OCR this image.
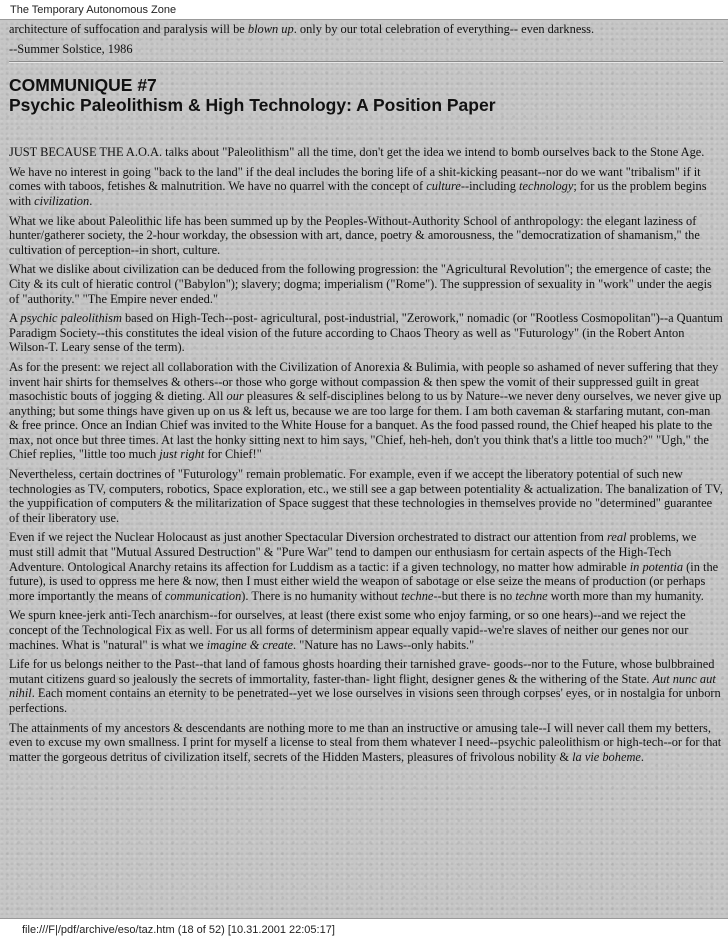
The Temporary Autonomous Zone

architecture of suffocation and paralysis will be blown up. only by our total celebration of everything-- even darkness.

--Summer Solstice, 1986

COMMUNIQUE #7
Psychic Paleolithism & High Technology: A Position Paper

JUST BECAUSE THE A.O.A. talks about "Paleolithism" all the time, don't get the idea we intend to bomb ourselves back to the Stone Age.

We have no interest in going "back to the land" if the deal includes the boring life of a shit-kicking peasant--nor do we want "tribalism" if it comes with taboos, fetishes & malnutrition. We have no quarrel with the concept of culture--including technology; for us the problem begins with civilization.

What we like about Paleolithic life has been summed up by the Peoples-Without-Authority School of anthropology: the elegant laziness of hunter/gatherer society, the 2-hour workday, the obsession with art, dance, poetry & amorousness, the "democratization of shamanism," the cultivation of perception--in short, culture.

What we dislike about civilization can be deduced from the following progression: the "Agricultural Revolution"; the emergence of caste; the City & its cult of hieratic control ("Babylon"); slavery; dogma; imperialism ("Rome"). The suppression of sexuality in "work" under the aegis of "authority." "The Empire never ended."

A psychic paleolithism based on High-Tech--post- agricultural, post-industrial, "Zerowork," nomadic (or "Rootless Cosmopolitan")--a Quantum Paradigm Society--this constitutes the ideal vision of the future according to Chaos Theory as well as "Futurology" (in the Robert Anton Wilson-T. Leary sense of the term).

As for the present: we reject all collaboration with the Civilization of Anorexia & Bulimia, with people so ashamed of never suffering that they invent hair shirts for themselves & others--or those who gorge without compassion & then spew the vomit of their suppressed guilt in great masochistic bouts of jogging & dieting. All our pleasures & self-disciplines belong to us by Nature--we never deny ourselves, we never give up anything; but some things have given up on us & left us, because we are too large for them. I am both caveman & starfaring mutant, con-man & free prince. Once an Indian Chief was invited to the White House for a banquet. As the food passed round, the Chief heaped his plate to the max, not once but three times. At last the honky sitting next to him says, "Chief, heh-heh, don't you think that's a little too much?" "Ugh," the Chief replies, "little too much just right for Chief!"

Nevertheless, certain doctrines of "Futurology" remain problematic. For example, even if we accept the liberatory potential of such new technologies as TV, computers, robotics, Space exploration, etc., we still see a gap between potentiality & actualization. The banalization of TV, the yuppification of computers & the militarization of Space suggest that these technologies in themselves provide no "determined" guarantee of their liberatory use.

Even if we reject the Nuclear Holocaust as just another Spectacular Diversion orchestrated to distract our attention from real problems, we must still admit that "Mutual Assured Destruction" & "Pure War" tend to dampen our enthusiasm for certain aspects of the High-Tech Adventure. Ontological Anarchy retains its affection for Luddism as a tactic: if a given technology, no matter how admirable in potentia (in the future), is used to oppress me here & now, then I must either wield the weapon of sabotage or else seize the means of production (or perhaps more importantly the means of communication). There is no humanity without techne--but there is no techne worth more than my humanity.

We spurn knee-jerk anti-Tech anarchism--for ourselves, at least (there exist some who enjoy farming, or so one hears)--and we reject the concept of the Technological Fix as well. For us all forms of determinism appear equally vapid--we're slaves of neither our genes nor our machines. What is "natural" is what we imagine & create. "Nature has no Laws--only habits."

Life for us belongs neither to the Past--that land of famous ghosts hoarding their tarnished grave- goods--nor to the Future, whose bulbbrained mutant citizens guard so jealously the secrets of immortality, faster-than- light flight, designer genes & the withering of the State. Aut nunc aut nihil. Each moment contains an eternity to be penetrated--yet we lose ourselves in visions seen through corpses' eyes, or in nostalgia for unborn perfections.

The attainments of my ancestors & descendants are nothing more to me than an instructive or amusing tale--I will never call them my betters, even to excuse my own smallness. I print for myself a license to steal from them whatever I need--psychic paleolithism or high-tech--or for that matter the gorgeous detritus of civilization itself, secrets of the Hidden Masters, pleasures of frivolous nobility & la vie boheme.

file:///F|/pdf/archive/eso/taz.htm (18 of 52) [10.31.2001 22:05:17]
